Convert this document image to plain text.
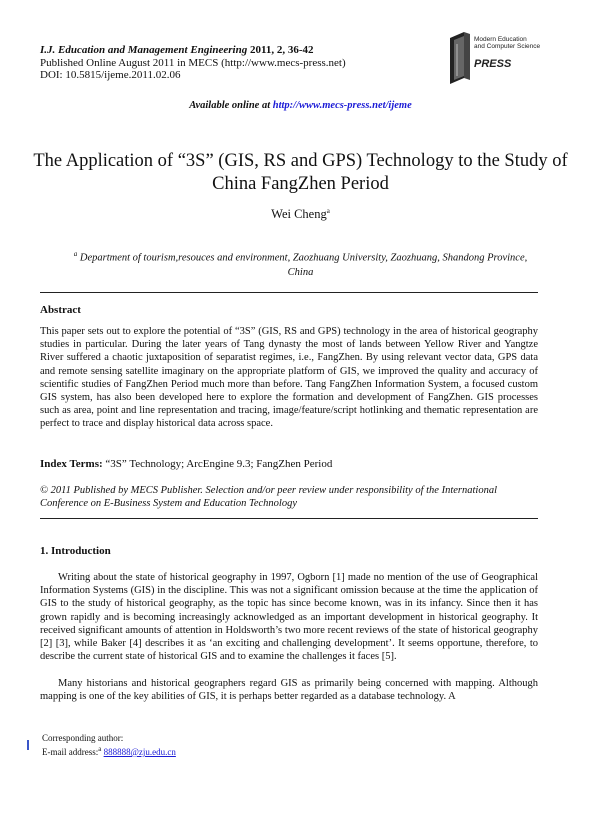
I.J. Education and Management Engineering 2011, 2, 36-42
Published Online August 2011 in MECS (http://www.mecs-press.net)
DOI: 10.5815/ijeme.2011.02.06
Modern Education
and Computer Science
PRESS
Available online at http://www.mecs-press.net/ijeme
The Application of “3S” (GIS, RS and GPS) Technology to the Study of China FangZhen Period
Wei Cheng$^a$
$^a$ Department of tourism,resouces and environment, Zaozhuang University, Zaozhuang, Shandong Province, China
Abstract
This paper sets out to explore the potential of “3S” (GIS, RS and GPS) technology in the area of historical geography studies in particular. During the later years of Tang dynasty the most of lands between Yellow River and Yangtze River suffered a chaotic juxtaposition of separatist regimes, i.e., FangZhen. By using relevant vector data, GPS data and remote sensing satellite imaginary on the appropriate platform of GIS, we improved the quality and accuracy of scientific studies of FangZhen Period much more than before. Tang FangZhen Information System, a focused custom GIS system, has also been developed here to explore the formation and development of FangZhen. GIS processes such as area, point and line representation and tracing, image/feature/script hotlinking and thematic representation are perfect to trace and display historical data across space.
Index Terms: “3S” Technology; ArcEngine 9.3; FangZhen Period
© 2011 Published by MECS Publisher. Selection and/or peer review under responsibility of the International Conference on E-Business System and Education Technology
1. Introduction
Writing about the state of historical geography in 1997, Ogborn [1] made no mention of the use of Geographical Information Systems (GIS) in the discipline. This was not a significant omission because at the time the application of GIS to the study of historical geography, as the topic has since become known, was in its infancy. Since then it has grown rapidly and is becoming increasingly acknowledged as an important development in historical geography. It received significant amounts of attention in Holdsworth’s two more recent reviews of the state of historical geography [2] [3], while Baker [4] describes it as ‘an exciting and challenging development’. It seems opportune, therefore, to describe the current state of historical GIS and to examine the challenges it faces [5].
Many historians and historical geographers regard GIS as primarily being concerned with mapping. Although mapping is one of the key abilities of GIS, it is perhaps better regarded as a database technology. A
Corresponding author:
E-mail address:$^a$ 888888@zju.edu.cn
